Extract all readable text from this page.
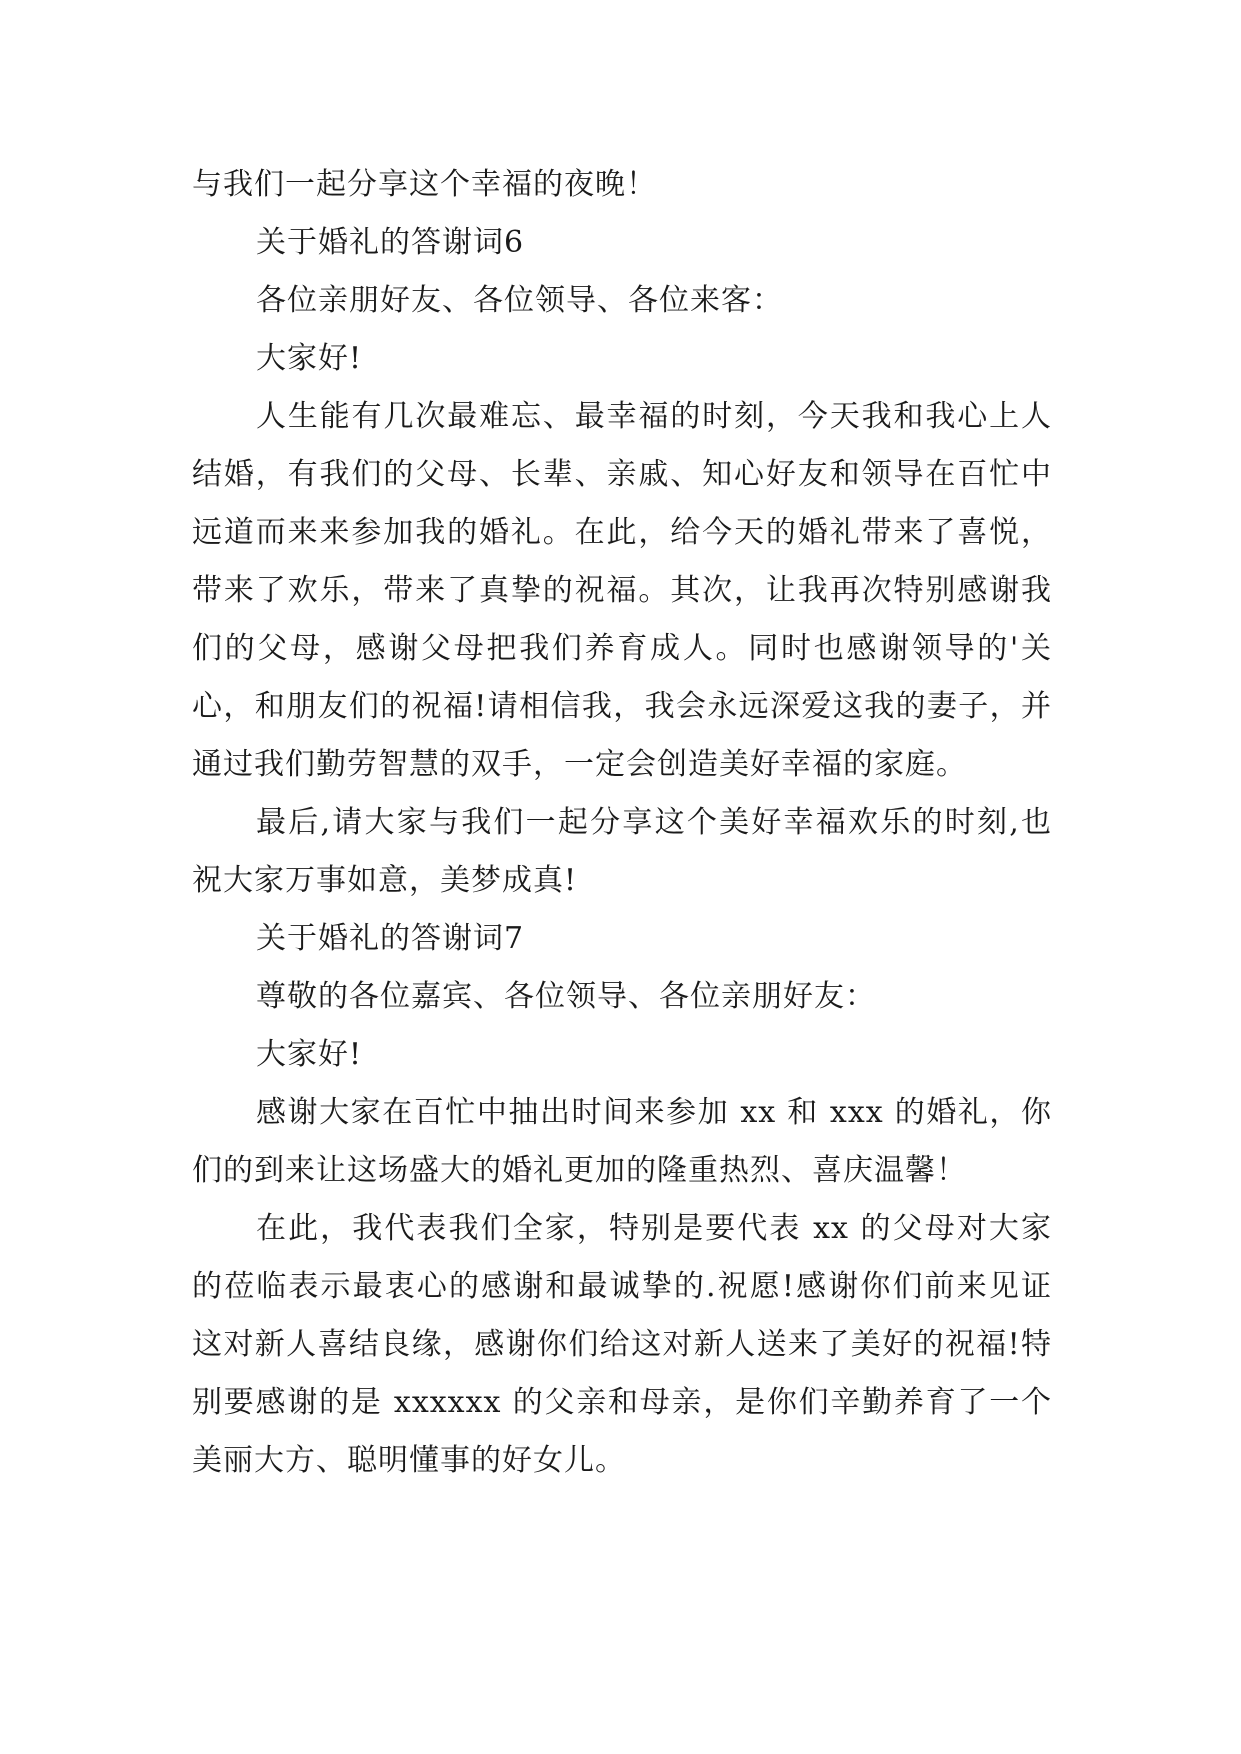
与我们一起分享这个幸福的夜晚！

关于婚礼的答谢词6

各位亲朋好友、各位领导、各位来客：

大家好!

人生能有几次最难忘、最幸福的时刻，今天我和我心上人结婚，有我们的父母、长辈、亲戚、知心好友和领导在百忙中远道而来来参加我的婚礼。在此，给今天的婚礼带来了喜悦，带来了欢乐，带来了真挚的祝福。其次，让我再次特别感谢我们的父母，感谢父母把我们养育成人。同时也感谢领导的'关心，和朋友们的祝福!请相信我，我会永远深爱这我的妻子，并通过我们勤劳智慧的双手，一定会创造美好幸福的家庭。

最后,请大家与我们一起分享这个美好幸福欢乐的时刻,也祝大家万事如意，美梦成真!

关于婚礼的答谢词7

尊敬的各位嘉宾、各位领导、各位亲朋好友：

大家好!

感谢大家在百忙中抽出时间来参加 xx 和 xxx 的婚礼，你们的到来让这场盛大的婚礼更加的隆重热烈、喜庆温馨！

在此，我代表我们全家，特别是要代表 xx 的父母对大家的莅临表示最衷心的感谢和最诚挚的.祝愿!感谢你们前来见证这对新人喜结良缘，感谢你们给这对新人送来了美好的祝福!特别要感谢的是 xxxxxx 的父亲和母亲，是你们辛勤养育了一个美丽大方、聪明懂事的好女儿。
